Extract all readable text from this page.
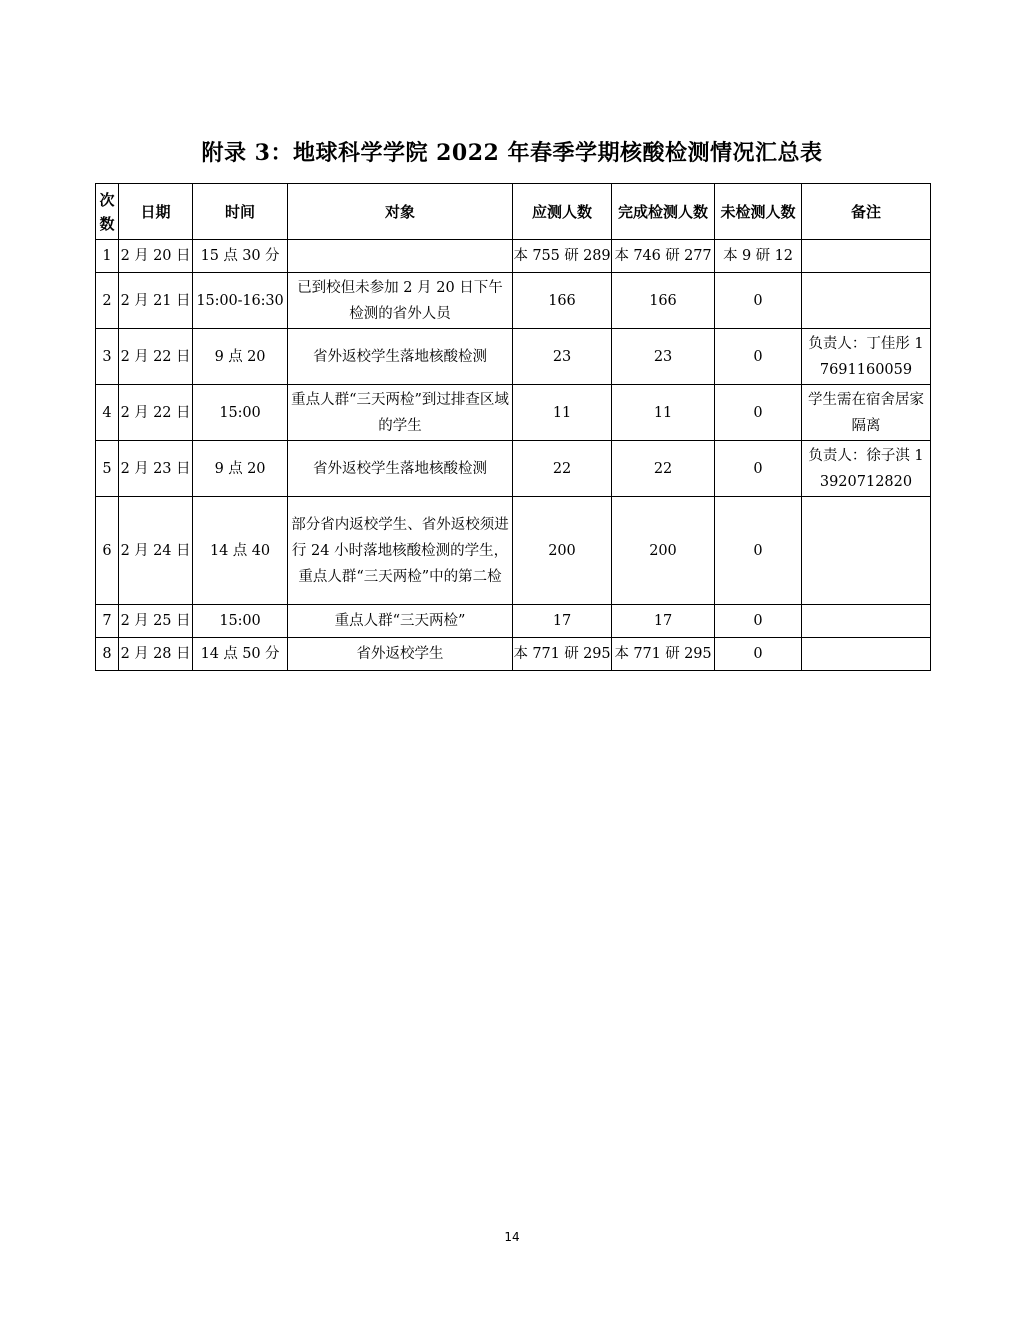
附录 3：地球科学学院 2022 年春季学期核酸检测情况汇总表
次数	日期	时间	对象	应测人数	完成检测人数	未检测人数	备注
1	2 月 20 日	15 点 30 分		本 755 研 289	本 746 研 277	本 9 研 12	
2	2 月 21 日	15:00-16:30	已到校但未参加 2 月 20 日下午检测的省外人员	166	166	0	
3	2 月 22 日	9 点 20	省外返校学生落地核酸检测	23	23	0	负责人：丁佳彤 17691160059
4	2 月 22 日	15:00	重点人群“三天两检”到过排查区域的学生	11	11	0	学生需在宿舍居家隔离
5	2 月 23 日	9 点 20	省外返校学生落地核酸检测	22	22	0	负责人：徐子淇 13920712820
6	2 月 24 日	14 点 40	部分省内返校学生、省外返校须进行 24 小时落地核酸检测的学生，重点人群“三天两检”中的第二检	200	200	0	
7	2 月 25 日	15:00	重点人群“三天两检”	17	17	0	
8	2 月 28 日	14 点 50 分	省外返校学生	本 771 研 295	本 771 研 295	0	
14
